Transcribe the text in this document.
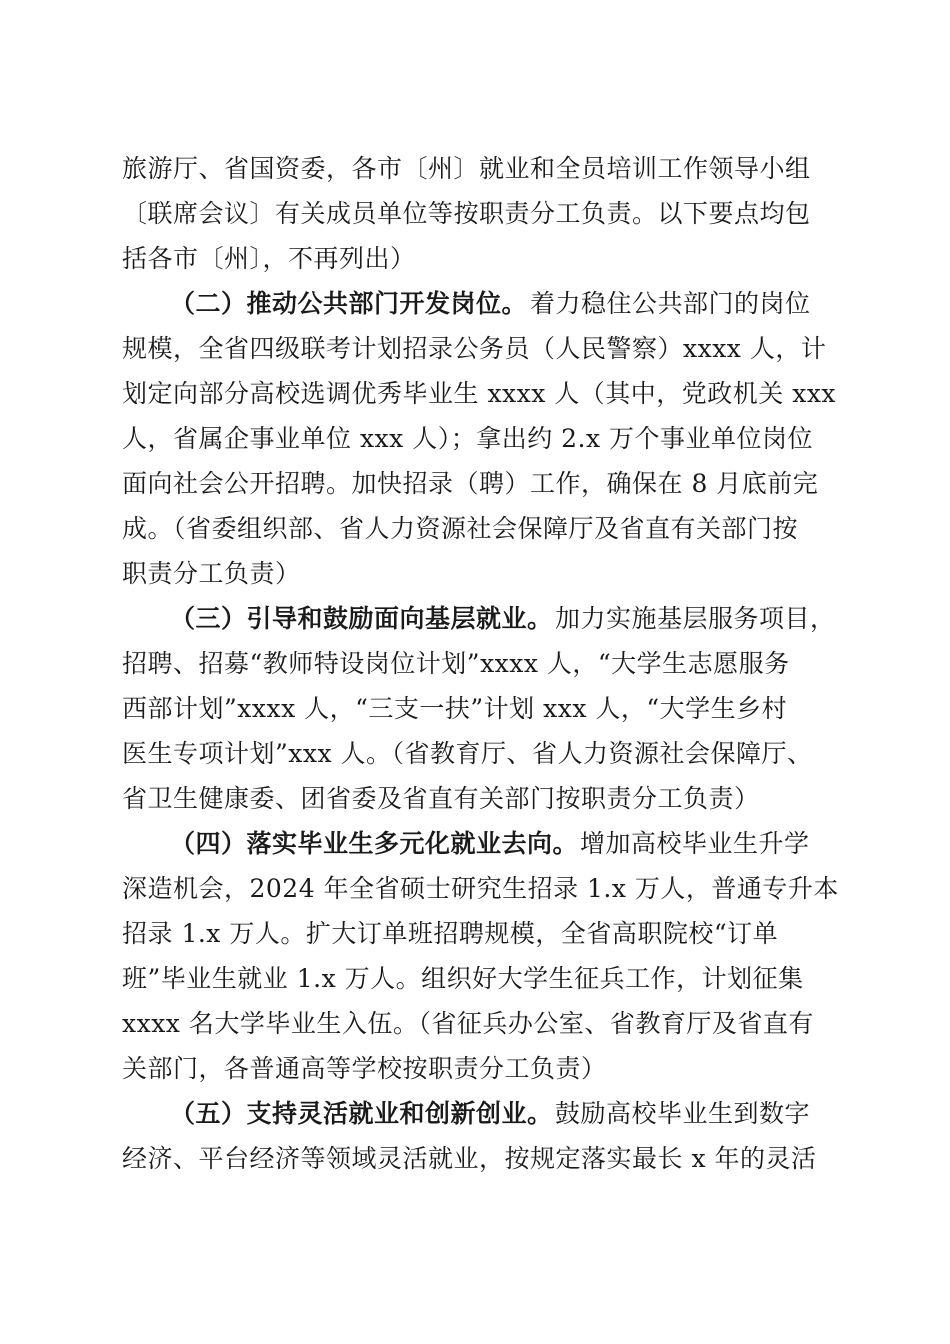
旅游厅、省国资委，各市〔州〕就业和全员培训工作领导小组
〔联席会议〕有关成员单位等按职责分工负责。以下要点均包
括各市〔州〕，不再列出）
（二）推动公共部门开发岗位。 着力稳住公共部门的岗位
规模，全省四级联考计划招录公务员（人民警察）xxxx 人，计
划定向部分高校选调优秀毕业生 xxxx 人（其中，党政机关 xxx
人，省属企事业单位 xxx 人）；拿出约 2.x 万个事业单位岗位
面向社会公开招聘。加快招录（聘）工作，确保在 8 月底前完
成。（省委组织部、省人力资源社会保障厅及省直有关部门按
职责分工负责）
（三）引导和鼓励面向基层就业。 加力实施基层服务项目，
招聘、招募“教师特设岗位计划”xxxx 人，“大学生志愿服务
西部计划”xxxx 人，“三支一扶”计划 xxx 人，“大学生乡村
医生专项计划”xxx 人。（省教育厅、省人力资源社会保障厅、
省卫生健康委、团省委及省直有关部门按职责分工负责）
（四）落实毕业生多元化就业去向。 增加高校毕业生升学
深造机会，2024 年全省硕士研究生招录 1.x 万人，普通专升本
招录 1.x 万人。扩大订单班招聘规模，全省高职院校“订单
班”毕业生就业 1.x 万人。组织好大学生征兵工作，计划征集
xxxx 名大学毕业生入伍。（省征兵办公室、省教育厅及省直有
关部门，各普通高等学校按职责分工负责）
（五）支持灵活就业和创新创业。 鼓励高校毕业生到数字
经济、平台经济等领域灵活就业，按规定落实最长 x 年的灵活
